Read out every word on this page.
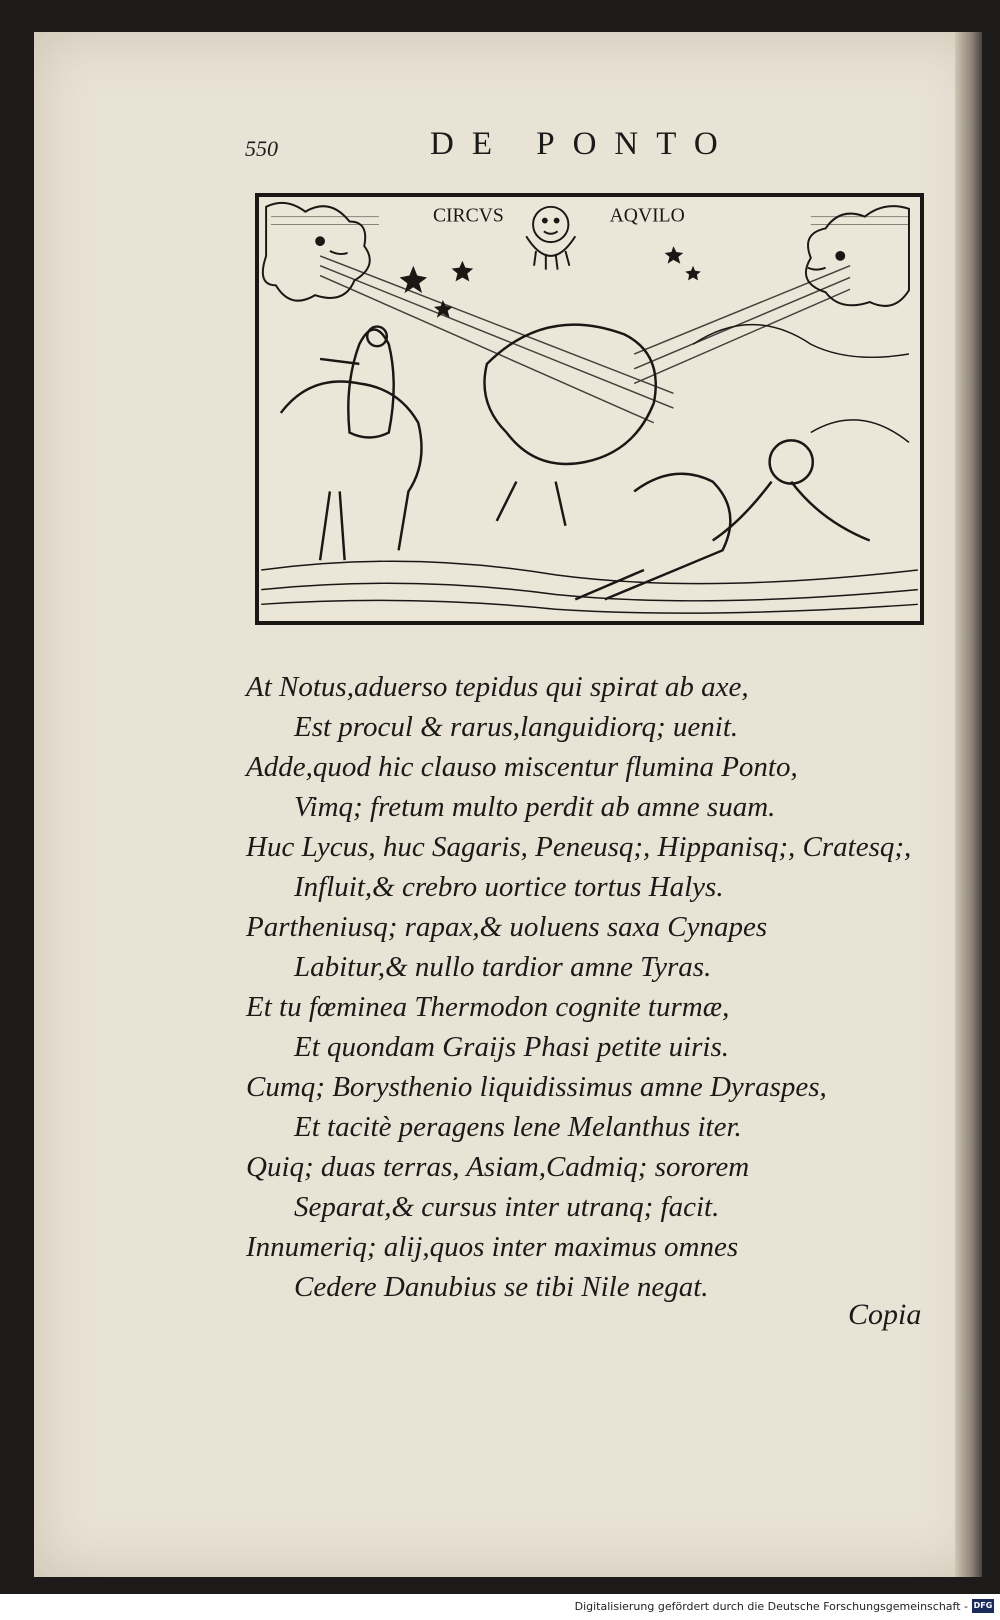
550	DE PONTO
CIRCVS	AQVILO
At Notus,aduerso tepidus qui spirat ab axe,
Est procul & rarus,languidiorq; uenit.
Adde,quod hic clauso miscentur flumina Ponto,
Vimq; fretum multo perdit ab amne suam.
Huc Lycus, huc Sagaris, Peneusq;, Hippanisq;, Cratesq;,
Influit,& crebro uortice tortus Halys.
Partheniusq; rapax,& uoluens saxa Cynapes
Labitur,& nullo tardior amne Tyras.
Et tu fœminea Thermodon cognite turmæ,
Et quondam Graijs Phasi petite uiris.
Cumq; Borysthenio liquidissimus amne Dyraspes,
Et tacitè peragens lene Melanthus iter.
Quiq; duas terras, Asiam,Cadmiq; sororem
Separat,& cursus inter utranq; facit.
Innumeriq; alij,quos inter maximus omnes
Cedere Danubius se tibi Nile negat.
Copia
Digitalisierung gefördert durch die Deutsche Forschungsgemeinschaft - DFG
